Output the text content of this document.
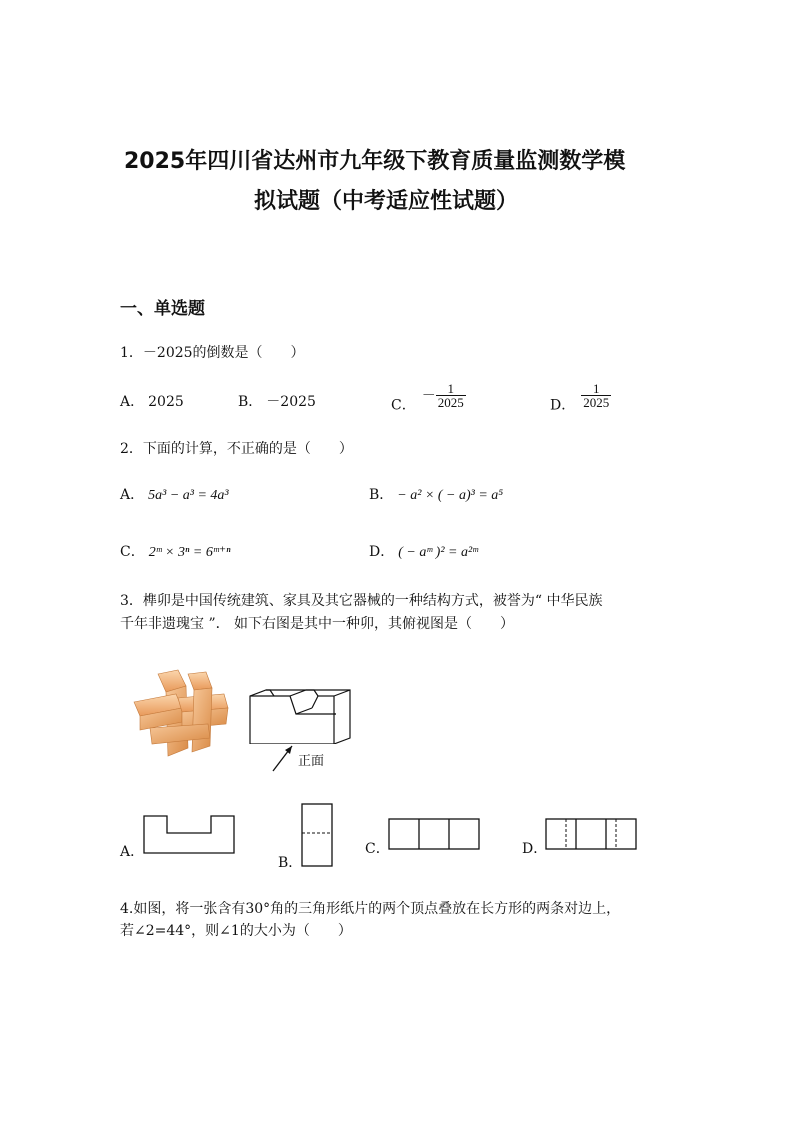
2025年四川省达州市九年级下教育质量监测数学模
拟试题（中考适应性试题）
一、单选题
1．－2025的倒数是（　　）
A． 2025	B． －2025	C．－ $\frac{1}{2025}$	D． $\frac{1}{2025}$
2．下面的计算，不正确的是（　　）
A． 5a³ − a³ = 4a³	B． − a² × ( − a)³ = a⁵
C． 2ᵐ × 3ⁿ = 6ᵐ⁺ⁿ	D． ( − aᵐ )² = a²ᵐ
3．榫卯是中国传统建筑、家具及其它器械的一种结构方式，被誉为“ 中华民族
千年非遗瑰宝 ”． 如下右图是其中一种卯，其俯视图是（　　）
正面
A．
B．
C．	D．
4.如图，将一张含有30°角的三角形纸片的两个顶点叠放在长方形的两条对边上，
若∠2=44°，则∠1的大小为（　　）
